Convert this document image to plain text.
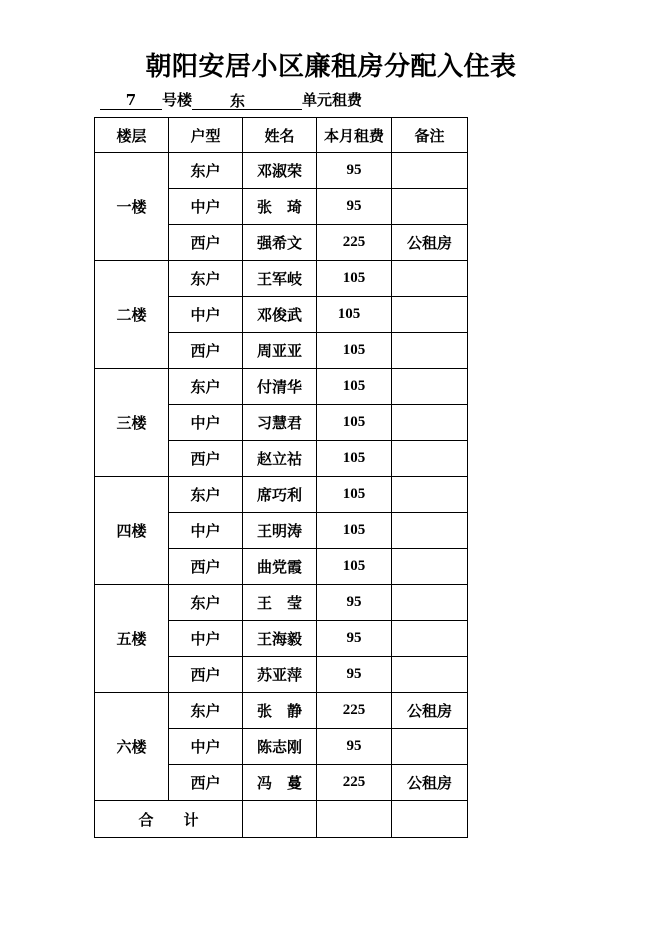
朝阳安居小区廉租房分配入住表
7	号楼	东	单元租费
楼层	户型	姓名	本月租费	备注
一楼	东户	邓淑荣	95	
	中户	张　琦	95	
	西户	强希文	225	公租房
二楼	东户	王军岐	105	
	中户	邓俊武	105	
	西户	周亚亚	105	
三楼	东户	付清华	105	
	中户	习慧君	105	
	西户	赵立祜	105	
四楼	东户	席巧利	105	
	中户	王明涛	105	
	西户	曲党霞	105	
五楼	东户	王　莹	95	
	中户	王海毅	95	
	西户	苏亚萍	95	
六楼	东户	张　静	225	公租房
	中户	陈志刚	95	
	西户	冯　蔓	225	公租房
合　　计				
